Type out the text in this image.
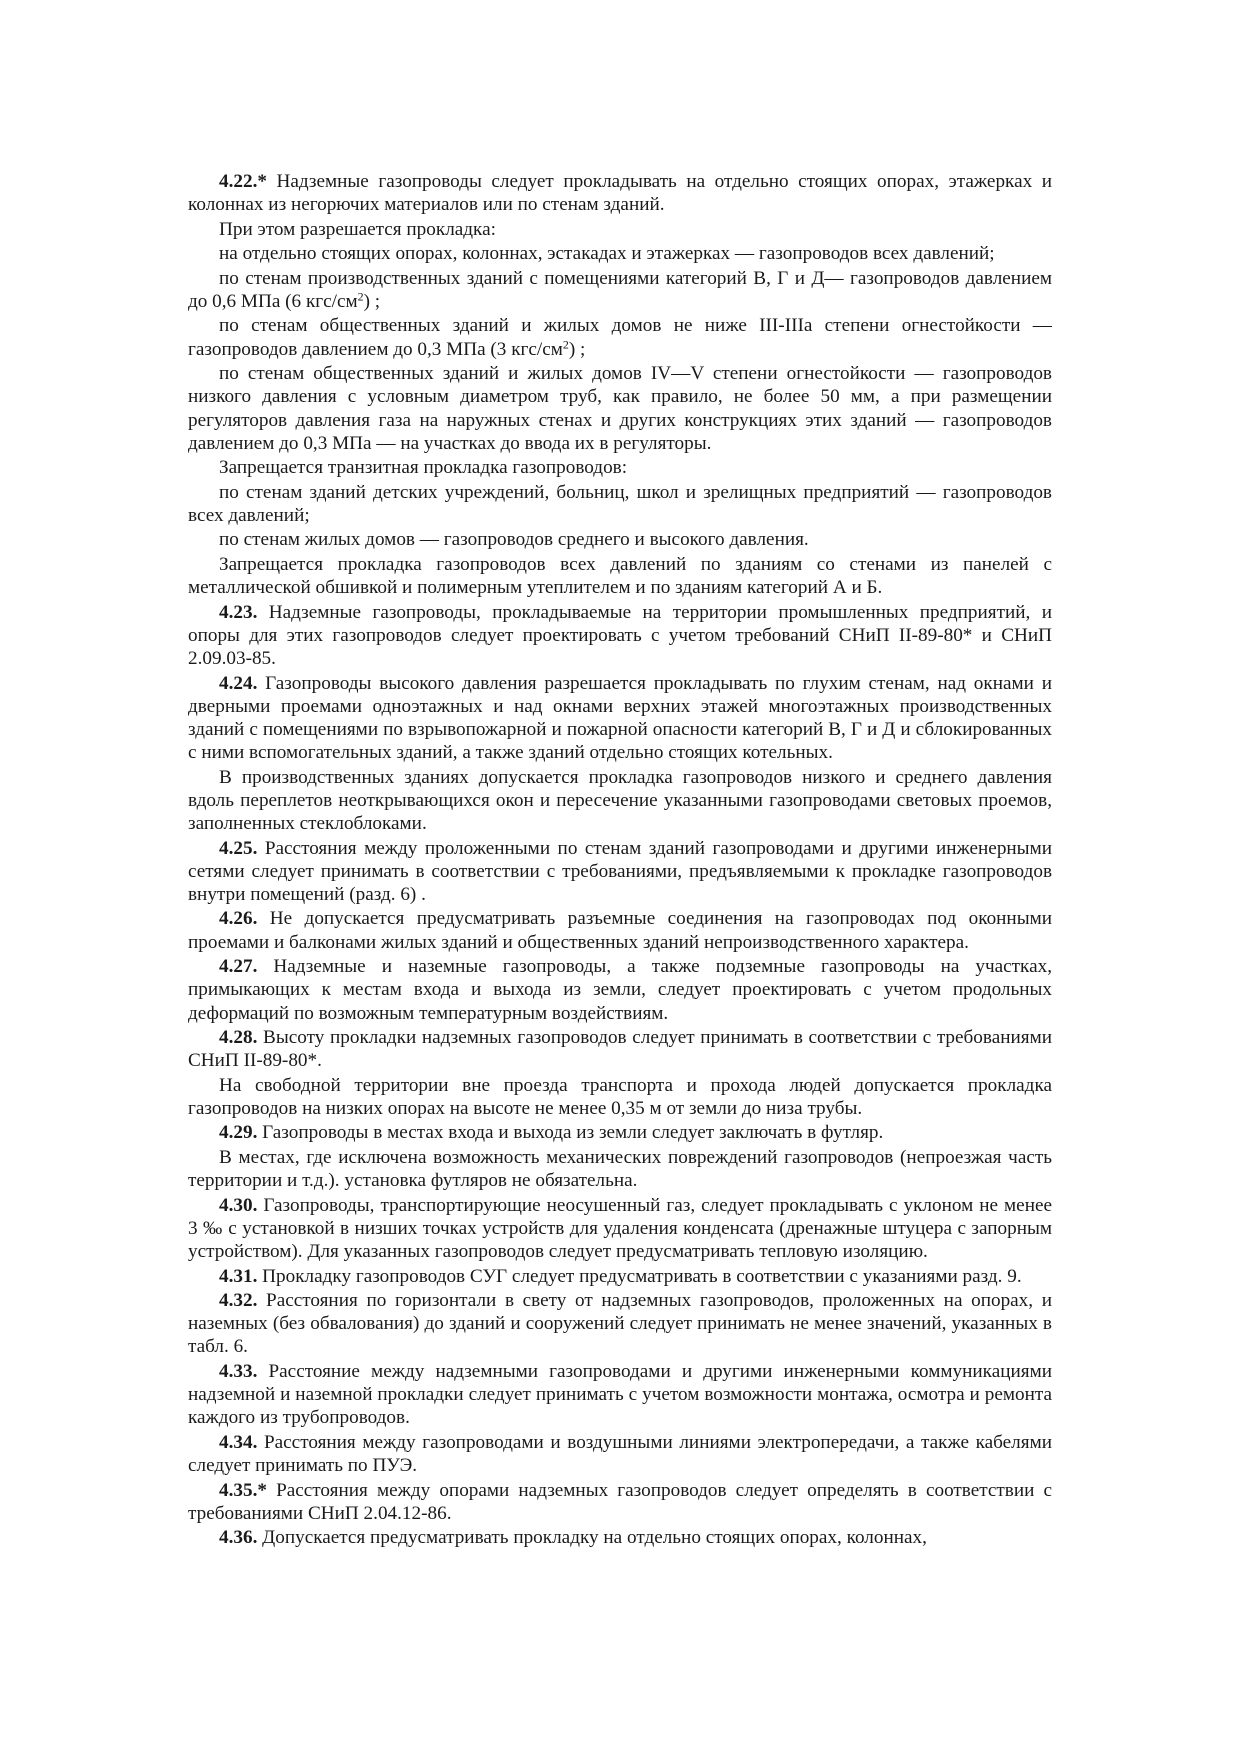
4.22.* Надземные газопроводы следует прокладывать на отдельно стоящих опорах, этажерках и колоннах из негорючих материалов или по стенам зданий.

При этом разрешается прокладка:

на отдельно стоящих опорах, колоннах, эстакадах и этажерках — газопроводов всех давлений;

по стенам производственных зданий с помещениями категорий В, Г и Д— газопроводов давлением до 0,6 МПа (6 кгс/$см^2$) ;

по стенам общественных зданий и жилых домов не ниже III-IIIа степени огнестойкости — газопроводов давлением до 0,3 МПа (3 кгс/$см^2$) ;

по стенам общественных зданий и жилых домов IV—V степени огнестойкости — газопроводов низкого давления с условным диаметром труб, как правило, не более 50 мм, а при размещении регуляторов давления газа на наружных стенах и других конструкциях этих зданий — газопроводов давлением до 0,3 МПа — на участках до ввода их в регуляторы.

Запрещается транзитная прокладка газопроводов:

по стенам зданий детских учреждений, больниц, школ и зрелищных предприятий — газопроводов всех давлений;

по стенам жилых домов — газопроводов среднего и высокого давления.

Запрещается прокладка газопроводов всех давлений по зданиям со стенами из панелей с металлической обшивкой и полимерным утеплителем и по зданиям категорий А и Б.

4.23. Надземные газопроводы, прокладываемые на территории промышленных предприятий, и опоры для этих газопроводов следует проектировать с учетом требований СНиП II-89-80* и СНиП 2.09.03-85.

4.24. Газопроводы высокого давления разрешается прокладывать по глухим стенам, над окнами и дверными проемами одноэтажных и над окнами верхних этажей многоэтажных производственных зданий с помещениями по взрывопожарной и пожарной опасности категорий В, Г и Д и сблокированных с ними вспомогательных зданий, а также зданий отдельно стоящих котельных.

В производственных зданиях допускается прокладка газопроводов низкого и среднего давления вдоль переплетов неоткрывающихся окон и пересечение указанными газопроводами световых проемов, заполненных стеклоблоками.

4.25. Расстояния между проложенными по стенам зданий газопроводами и другими инженерными сетями следует принимать в соответствии с требованиями, предъявляемыми к прокладке газопроводов внутри помещений (разд. 6) .

4.26. Не допускается предусматривать разъемные соединения на газопроводах под оконными проемами и балконами жилых зданий и общественных зданий непроизводственного характера.

4.27. Надземные и наземные газопроводы, а также подземные газопроводы на участках, примыкающих к местам входа и выхода из земли, следует проектировать с учетом продольных деформаций по возможным температурным воздействиям.

4.28. Высоту прокладки надземных газопроводов следует принимать в соответствии с требованиями СНиП II-89-80*.

На свободной территории вне проезда транспорта и прохода людей допускается прокладка газопроводов на низких опорах на высоте не менее 0,35 м от земли до низа трубы.

4.29. Газопроводы в местах входа и выхода из земли следует заключать в футляр.

В местах, где исключена возможность механических повреждений газопроводов (непроезжая часть территории и т.д.). установка футляров не обязательна.

4.30. Газопроводы, транспортирующие неосушенный газ, следует прокладывать с уклоном не менее 3 ‰ с установкой в низших точках устройств для удаления конденсата (дренажные штуцера с запорным устройством). Для указанных газопроводов следует предусматривать тепловую изоляцию.

4.31. Прокладку газопроводов СУГ следует предусматривать в соответствии с указаниями разд. 9.

4.32. Расстояния по горизонтали в свету от надземных газопроводов, проложенных на опорах, и наземных (без обвалования) до зданий и сооружений следует принимать не менее значений, указанных в табл. 6.

4.33. Расстояние между надземными газопроводами и другими инженерными коммуникациями надземной и наземной прокладки следует принимать с учетом возможности монтажа, осмотра и ремонта каждого из трубопроводов.

4.34. Расстояния между газопроводами и воздушными линиями электропередачи, а также кабелями следует принимать по ПУЭ.

4.35.* Расстояния между опорами надземных газопроводов следует определять в соответствии с требованиями СНиП 2.04.12-86.

4.36. Допускается предусматривать прокладку на отдельно стоящих опорах, колоннах,
